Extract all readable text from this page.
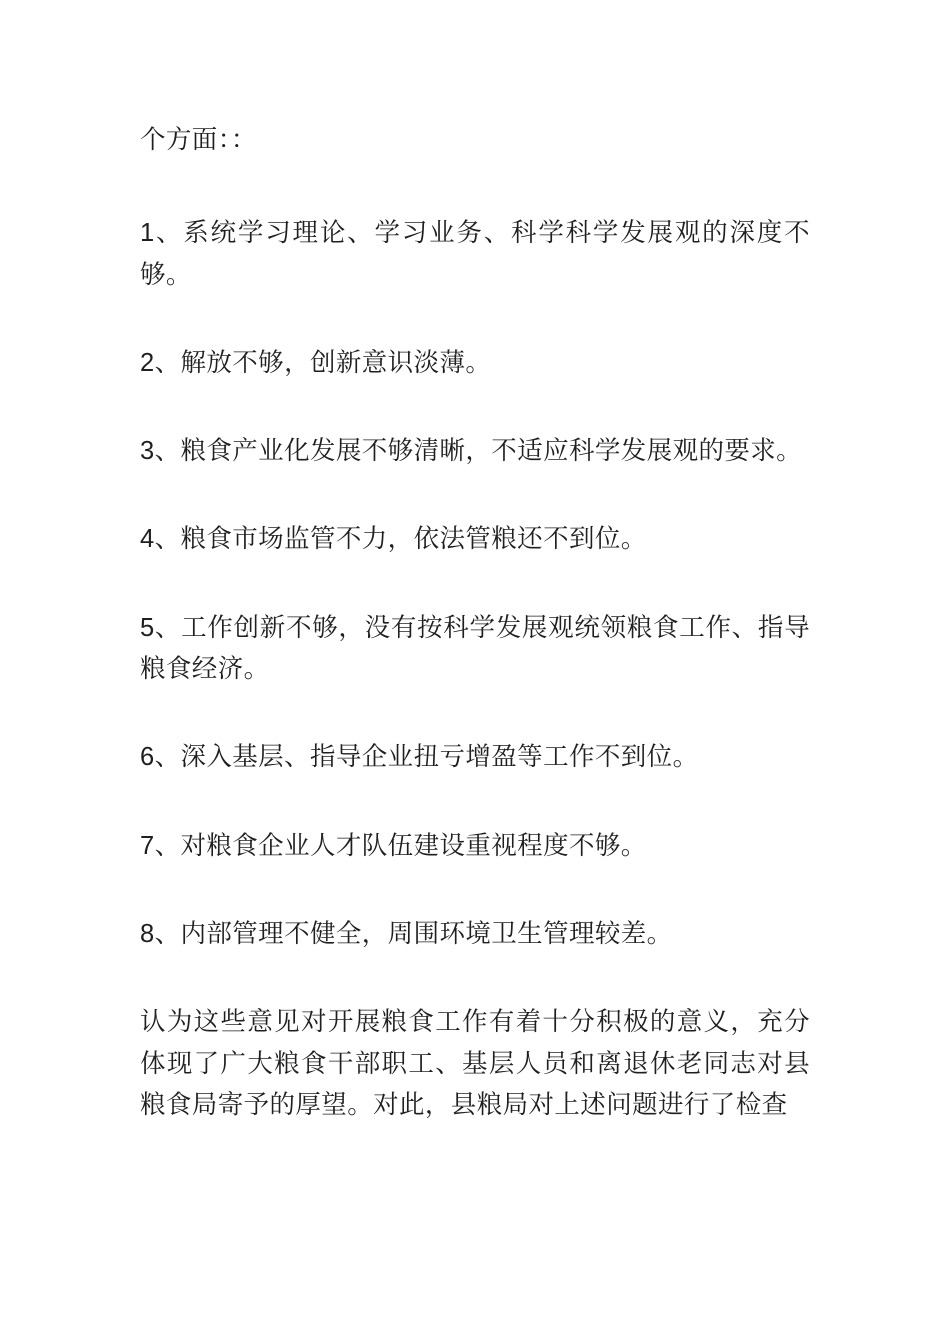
个方面：：

1、系统学习理论、学习业务、科学科学发展观的深度不够。

2、解放不够，创新意识淡薄。

3、粮食产业化发展不够清晰，不适应科学发展观的要求。

4、粮食市场监管不力，依法管粮还不到位。

5、工作创新不够，没有按科学发展观统领粮食工作、指导粮食经济。

6、深入基层、指导企业扭亏增盈等工作不到位。

7、对粮食企业人才队伍建设重视程度不够。

8、内部管理不健全，周围环境卫生管理较差。

认为这些意见对开展粮食工作有着十分积极的意义，充分体现了广大粮食干部职工、基层人员和离退休老同志对县粮食局寄予的厚望。对此，县粮局对上述问题进行了检查
